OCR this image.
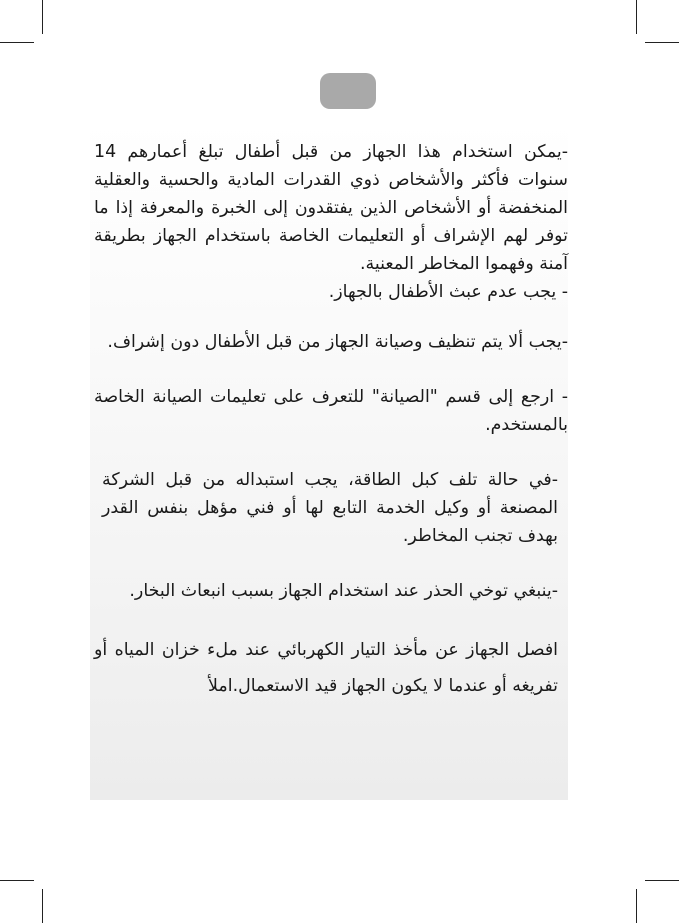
-يمكن استخدام هذا الجهاز من قبل أطفال تبلغ أعمارهم 14 سنوات فأكثر والأشخاص ذوي القدرات المادية والحسية والعقلية المنخفضة أو الأشخاص الذين يفتقدون إلى الخبرة والمعرفة إذا ما توفر لهم الإشراف أو التعليمات الخاصة باستخدام الجهاز بطريقة آمنة وفهموا المخاطر المعنية.

- يجب عدم عبث الأطفال بالجهاز.

-يجب ألا يتم تنظيف وصيانة الجهاز من قبل الأطفال دون إشراف.

- ارجع إلى قسم "الصيانة" للتعرف على تعليمات الصيانة الخاصة بالمستخدم.

-في حالة تلف كبل الطاقة، يجب استبداله من قبل الشركة المصنعة أو وكيل الخدمة التابع لها أو فني مؤهل بنفس القدر بهدف تجنب المخاطر.

-ينبغي توخي الحذر عند استخدام الجهاز بسبب انبعاث البخار.

افصل الجهاز عن مأخذ التيار الكهربائي عند ملء خزان المياه أو تفريغه أو عندما لا يكون الجهاز قيد الاستعمال.املأ
